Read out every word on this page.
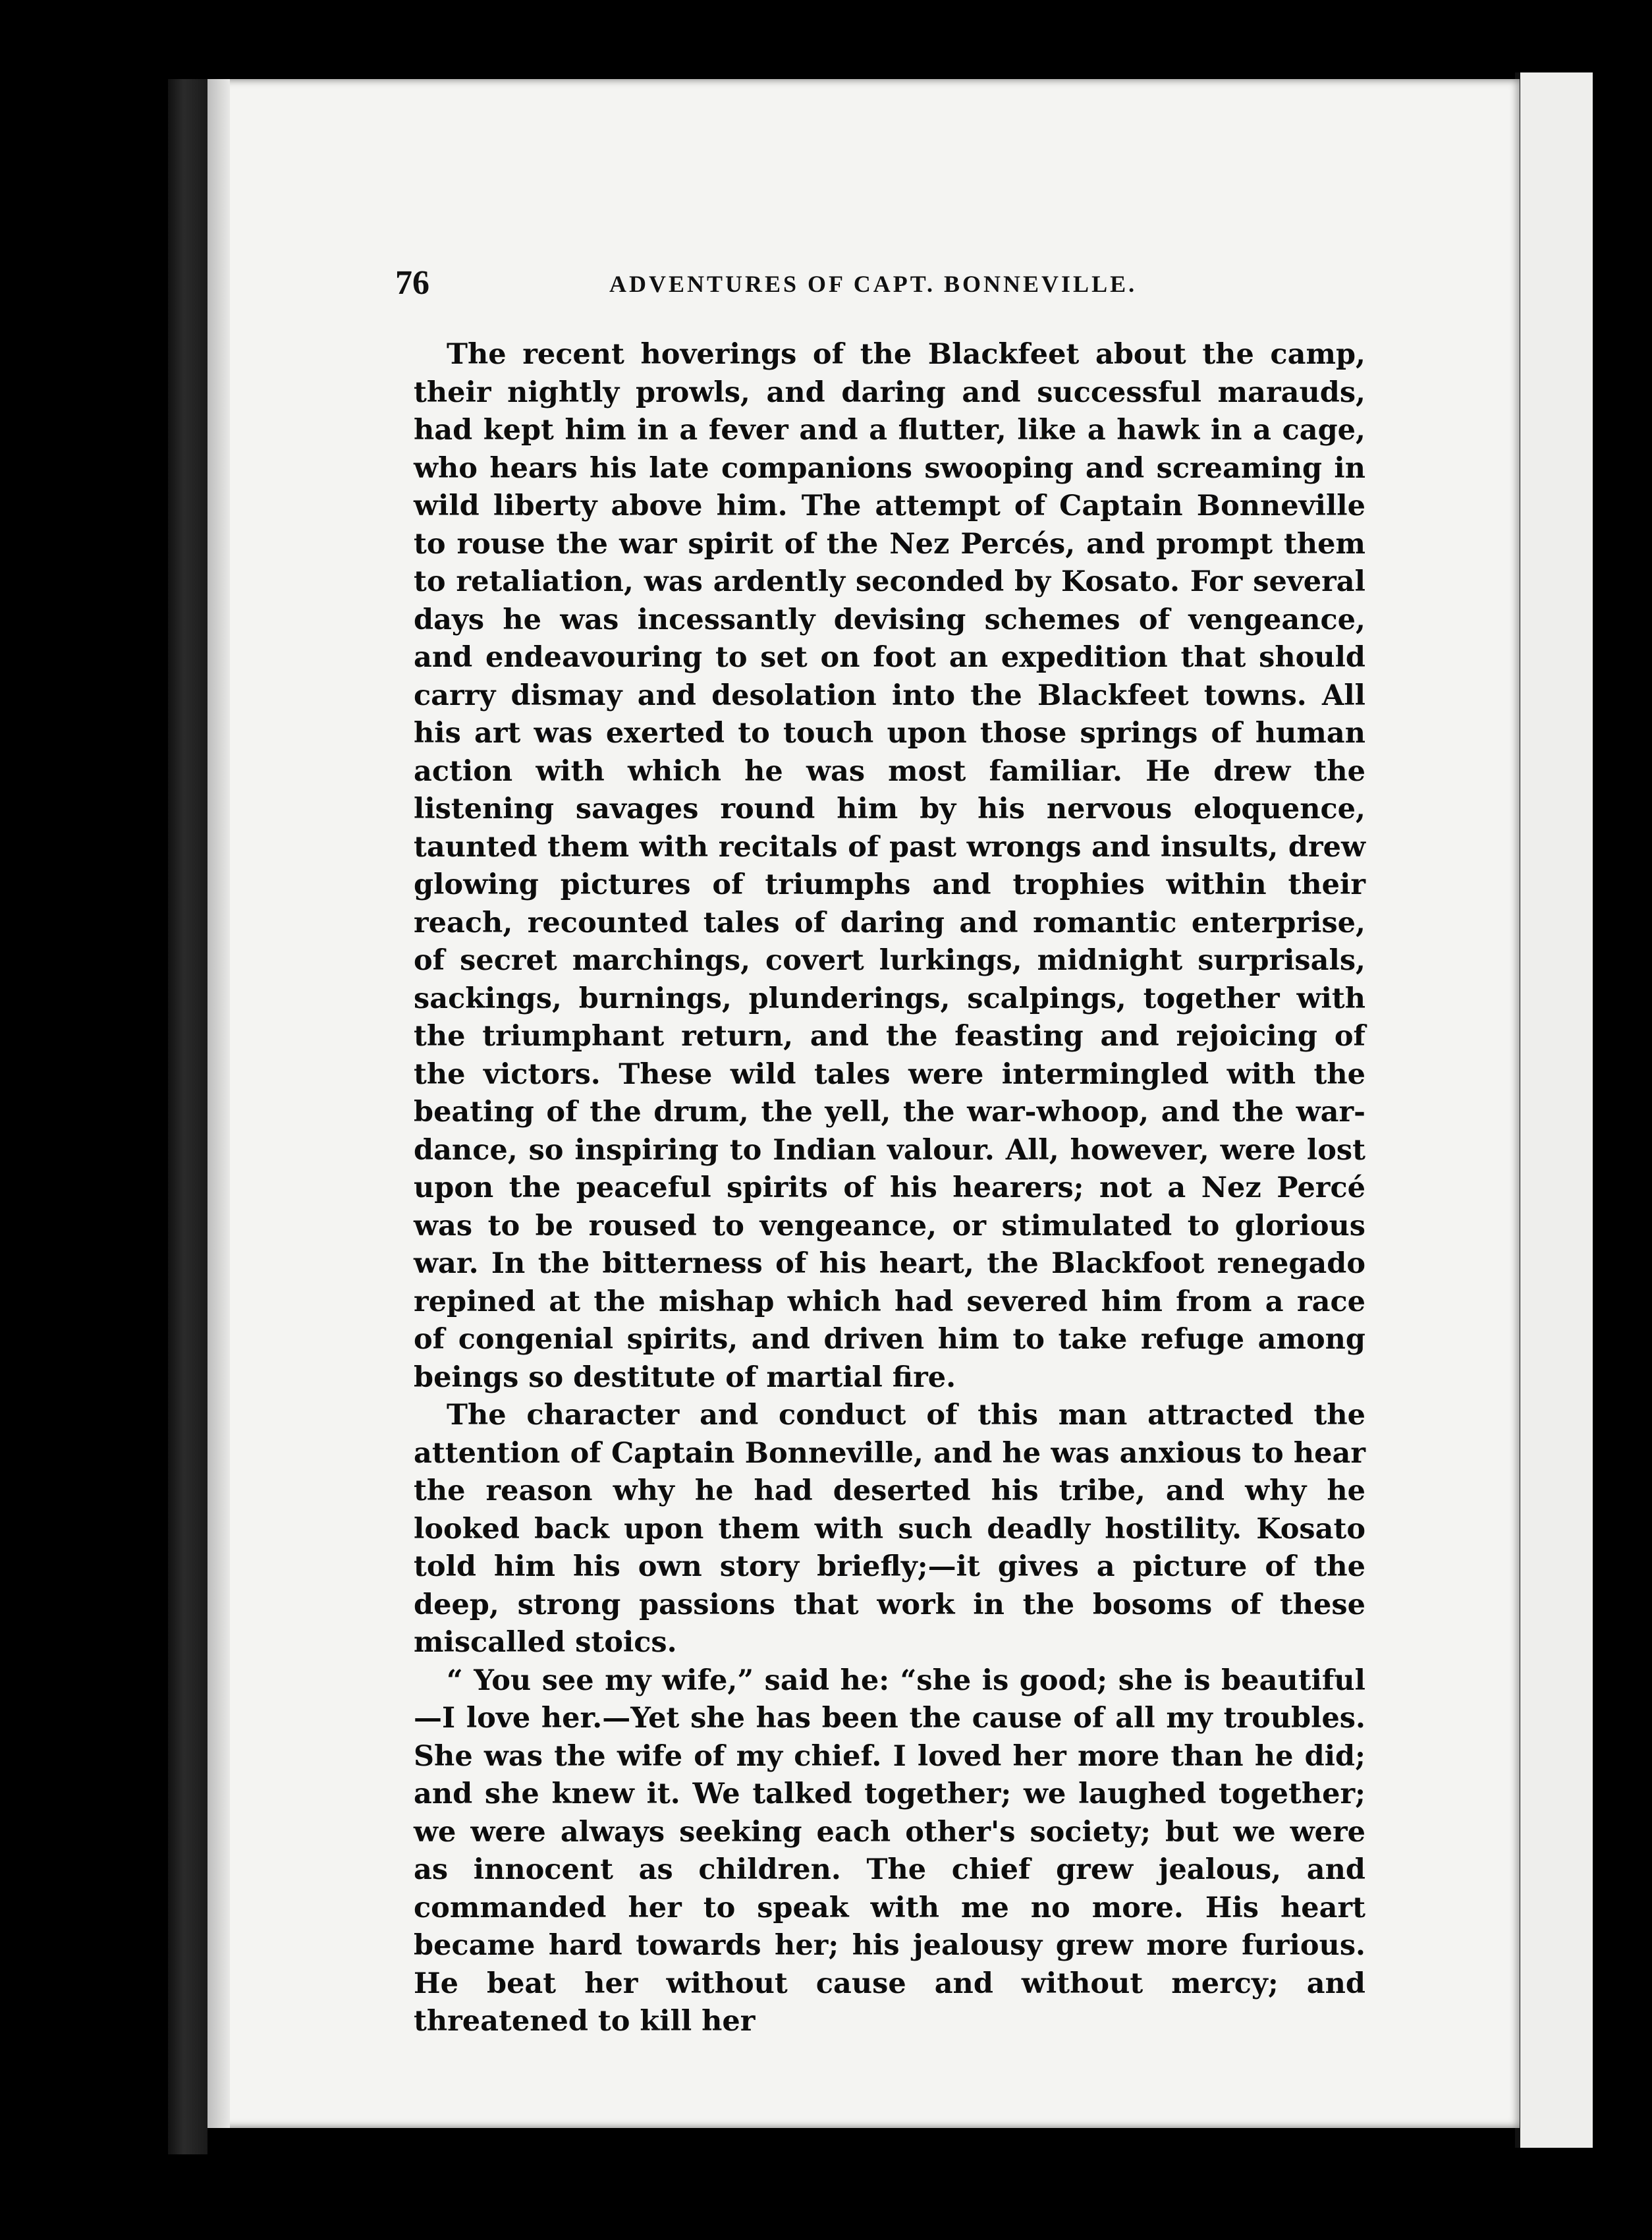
76	ADVENTURES OF CAPT. BONNEVILLE.

The recent hoverings of the Blackfeet about the camp, their nightly prowls, and daring and successful marauds, had kept him in a fever and a flutter, like a hawk in a cage, who hears his late companions swooping and screaming in wild liberty above him. The attempt of Captain Bonneville to rouse the war spirit of the Nez Percés, and prompt them to retaliation, was ardently seconded by Kosato. For several days he was incessantly devising schemes of vengeance, and endeavouring to set on foot an expedition that should carry dismay and desolation into the Blackfeet towns. All his art was exerted to touch upon those springs of human action with which he was most familiar. He drew the listening savages round him by his nervous eloquence, taunted them with recitals of past wrongs and insults, drew glowing pictures of triumphs and trophies within their reach, recounted tales of daring and romantic enterprise, of secret marchings, covert lurkings, midnight surprisals, sackings, burnings, plunderings, scalpings, together with the triumphant return, and the feasting and rejoicing of the victors. These wild tales were intermingled with the beating of the drum, the yell, the war-whoop, and the war-dance, so inspiring to Indian valour. All, however, were lost upon the peaceful spirits of his hearers; not a Nez Percé was to be roused to vengeance, or stimulated to glorious war. In the bitterness of his heart, the Blackfoot renegado repined at the mishap which had severed him from a race of congenial spirits, and driven him to take refuge among beings so destitute of martial fire.

The character and conduct of this man attracted the attention of Captain Bonneville, and he was anxious to hear the reason why he had deserted his tribe, and why he looked back upon them with such deadly hostility. Kosato told him his own story briefly;—it gives a picture of the deep, strong passions that work in the bosoms of these miscalled stoics.

“ You see my wife,” said he: “she is good; she is beautiful —I love her.—Yet she has been the cause of all my troubles. She was the wife of my chief. I loved her more than he did; and she knew it. We talked together; we laughed together; we were always seeking each other's society; but we were as innocent as children. The chief grew jealous, and commanded her to speak with me no more. His heart became hard towards her; his jealousy grew more furious. He beat her without cause and without mercy; and threatened to kill her
